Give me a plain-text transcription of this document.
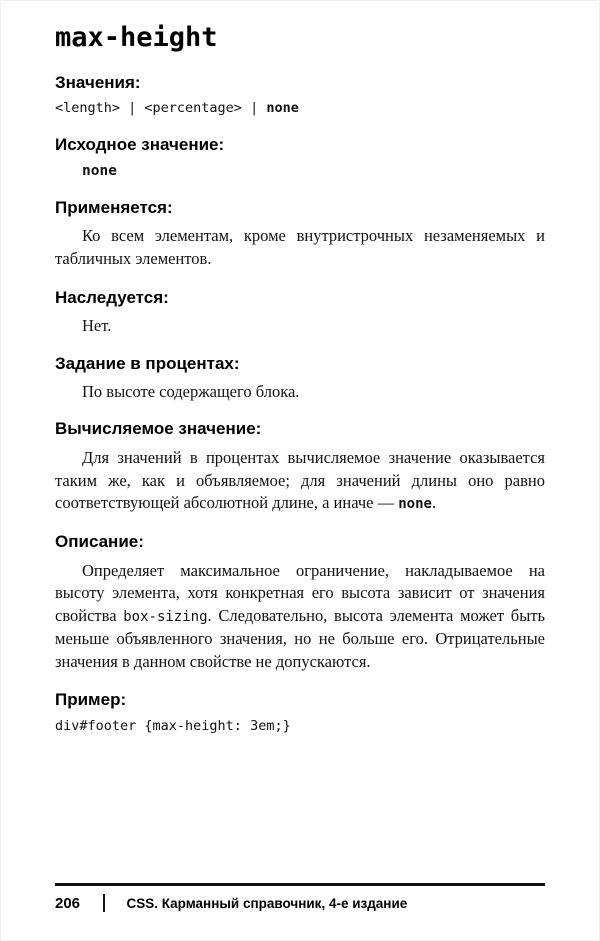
max-height
Значения:

<length> | <percentage> | none

Исходное значение:

none

Применяется:

Ко всем элементам, кроме внутристрочных незаменяемых и табличных элементов.

Наследуется:

Нет.

Задание в процентах:

По высоте содержащего блока.

Вычисляемое значение:

Для значений в процентах вычисляемое значение оказывается таким же, как и объявляемое; для значений длины оно равно соответствующей абсолютной длине, а иначе — none.

Описание:

Определяет максимальное ограничение, накладываемое на высоту элемента, хотя конкретная его высота зависит от значения свойства box-sizing. Следовательно, высота элемента может быть меньше объявленного значения, но не больше его. Отрицательные значения в данном свойстве не допускаются.

Пример:

div#footer {max-height: 3em;}

206	CSS. Карманный справочник, 4-е издание
